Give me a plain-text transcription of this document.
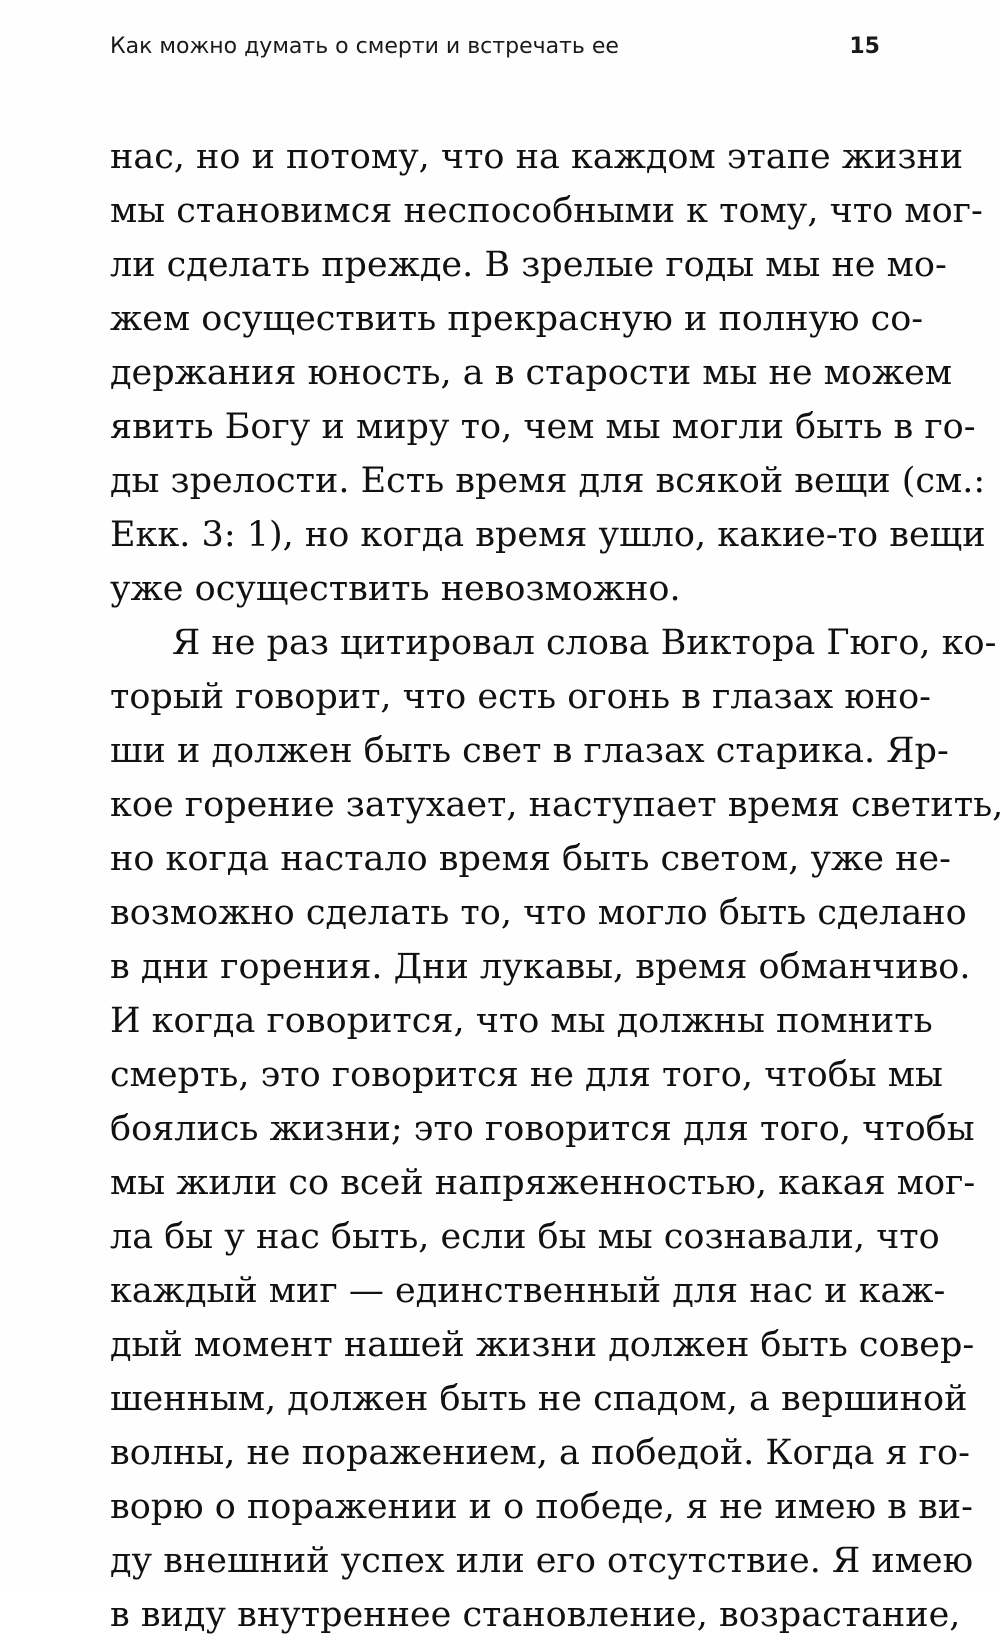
Как можно думать о смерти и встречать ее	15
нас, но и потому, что на каждом этапе жизни
мы становимся неспособными к тому, что мог-
ли сделать прежде. В зрелые годы мы не мо-
жем осуществить прекрасную и полную со-
держания юность, а в старости мы не можем
явить Богу и миру то, чем мы могли быть в го-
ды зрелости. Есть время для всякой вещи (см.:
Екк. 3: 1), но когда время ушло, какие-то вещи
уже осуществить невозможно.
Я не раз цитировал слова Виктора Гюго, ко-
торый говорит, что есть огонь в глазах юно-
ши и должен быть свет в глазах старика. Яр-
кое горение затухает, наступает время светить,
но когда настало время быть светом, уже не-
возможно сделать то, что могло быть сделано
в дни горения. Дни лукавы, время обманчиво.
И когда говорится, что мы должны помнить
смерть, это говорится не для того, чтобы мы
боялись жизни; это говорится для того, чтобы
мы жили со всей напряженностью, какая мог-
ла бы у нас быть, если бы мы сознавали, что
каждый миг — единственный для нас и каж-
дый момент нашей жизни должен быть совер-
шенным, должен быть не спадом, а вершиной
волны, не поражением, а победой. Когда я го-
ворю о поражении и о победе, я не имею в ви-
ду внешний успех или его отсутствие. Я имею
в виду внутреннее становление, возрастание,
